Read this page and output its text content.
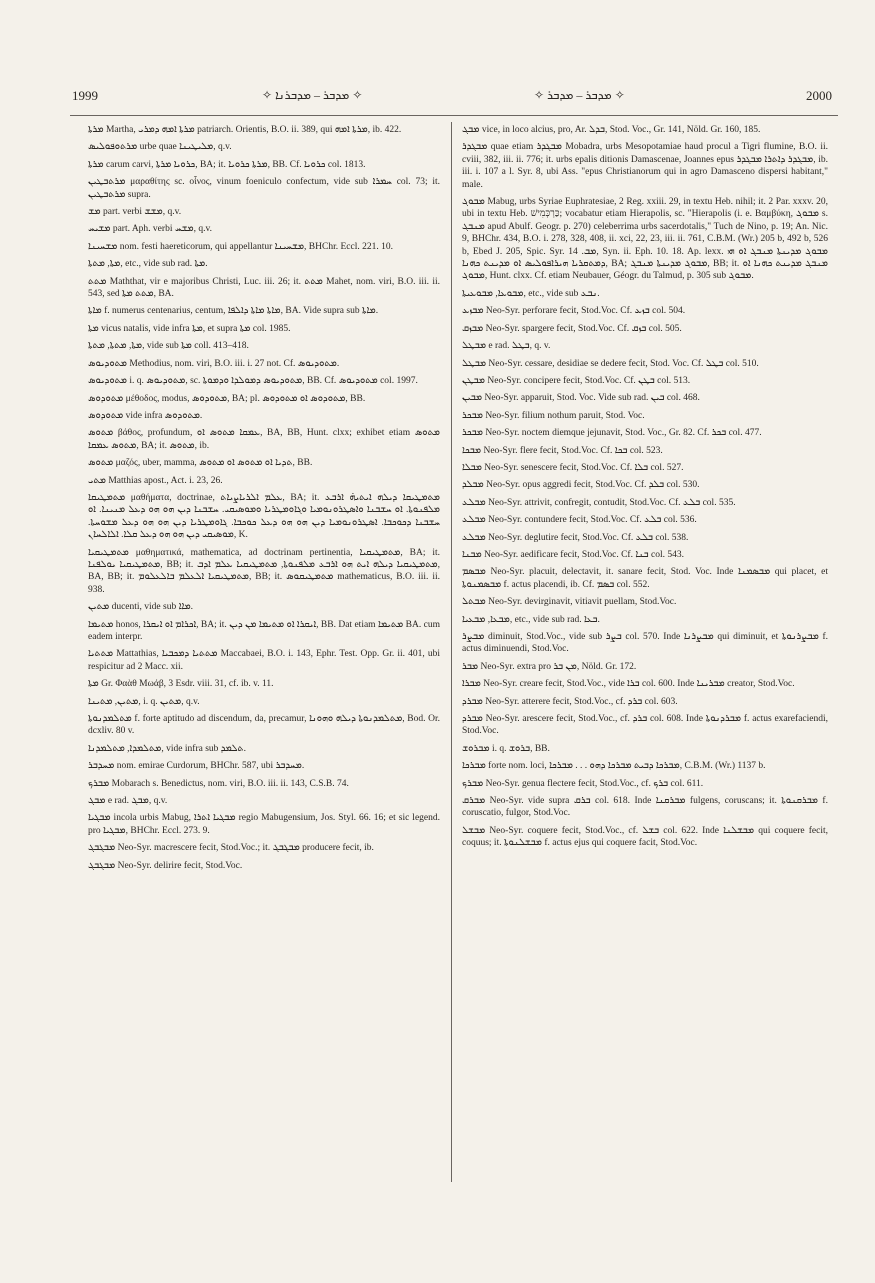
1999	✧ ܡܕܒܪ – ܡܕܒܪܢܐ ✧	✧ ܡܕܒܪ – ܡܕܒܪ ✧	2000

ܡܪܬܐ Martha, ܡܪܬܐ ܐܡܗ ܕܡܪܝ patriarch. Orientis, B.O. ii. 389, qui ܡܪܬܐ ܐܡܗ, ib. 422.

ܡܪܬܘܦܘܠܝܣ urbe quae ܡܠܝܛܝܢܐ, q.v.

ܡܪܬܐ carum carvi, ܟܪܘܝܐ ܡܪܬܐ, BA; it. ܡܪܬܐ ܟܪܘܝܐ, BB. Cf. ܟܪܘܝܐ col. 1813.

ܡܪܬܒܛܝܢ μαραθίτης sc. οἶνος, vinum foeniculo confectum, vide sub ܚܡܪܐ col. 73; it. ܡܪܬܒܛܝܢ supra.

ܡܫ part. verbi ܡܫܫ, q.v.

ܡܫܝܚ part. Aph. verbi ܡܫܚ, q.v.

ܡܫܚܝܢܐ nom. festi haereticorum, qui appellantur ܡܫܚܝܢܐ, BHChr. Eccl. 221. 10.

ܡܬܐ, ܡܬܬܐ, etc., vide sub rad. ܡܬܐ.

ܡܬܬ Maththat, vir e majoribus Christi, Luc. iii. 26; it. ܡܬܬ Mahet, nom. viri, B.O. iii. ii. 543, sed ܡܬܬ ܡܬܐ, BA.

ܡܐܬܐ f. numerus centenarius, centum, ܡܐܬܐ ܡܐܬܐ ܕܐܠܦܐ, BA. Vide supra sub ܡܐܬܐ.

ܡܬܐ vicus natalis, vide infra ܡܬܐ, et supra ܡܬܐ col. 1985.

ܡܬܐ, ܡܬܬܐ, ܡܬܬܐ, vide sub ܡܬܐ coll. 413–418.

ܡܬܘܕܝܘܣ Methodius, nom. viri, B.O. iii. i. 27 not. Cf. ܡܬܘܕܝܘܣ.

ܡܬܘܕܝܘܣ i. q. ܡܬܘܕܝܘܣ, sc. ܡܬܘܕܝܘܣ ܕܡܘܠܕܐ ܘܕܡܘܬܐ, BB. Cf. ܡܬܘܕܝܘܣ col. 1997.

ܡܬܘܕܘܣ μέθοδος, modus, ܡܬܘܕܘܣ, BA; pl. ܡܬܘܕܘܣ ܐܘ ܡܬܘܕܘܣ, BB.

ܡܬܘܕܘܣ vide infra ܡܬܘܕܘܣ.

ܡܬܘܣ βάθος, profundum, ܥܡܩܐ ܡܬܘܣ ܐܘ, BA, BB, Hunt. clxx; exhibet etiam ܡܬܘܣ ܡܬܘܣ ܥܡܩܐ, BA; it. ܡܬܘܣ, ib.

ܡܬܘܣ μαζός, uber, mamma, ܬܕܝܐ ܐܘ ܡܬܘܣ ܐܘ ܡܬܘܣ, BB.

ܡܬܝ Matthias apost., Act. i. 23, 26.

ܡܬܡܛܝܩܐ μαθήματα, doctrinae, ܥܠܡ ܐܠܪܝܐܨܝܐܬ, BA; it. ܡܬܡܛܝܩܐ ܕܝܠܗ ܐܝܬܝܗ̇ ܐܪܒܥ ܡܠܦܢܘܬܐ. ܐܘ ܚܫܒܢܐ ܘܐܣܛܪܘܢܘܡܝܐ ܘܓܐܘܡܛܪܝܐ ܘܡܘܣܝܩܝ. ܚܫܒܢܐ ܕܝܢ ܗܘ ܗܘ ܕܥܠ ܡܢܝܢܐ. ܐܘ ܚܫܒܢܐ ܕܟܘܟܒܐ. ܐܣܛܪܘܢܘܡܝܐ ܕܝܢ ܗܘ ܗܘ ܕܥܠ ܟܘܟܒܐ. ܓܐܘܡܛܪܝܐ ܕܝܢ ܗܘ ܗܘ ܕܥܠ ܡܫܘܚܬܐ. ܡܘܣܝܩܝ ܕܝܢ ܗܘ ܗܘ ܕܥܠ ܩܠܐ. ܐܠܐܠܚܐܢ, K.

ܡܬܡܛܝܩܝܐ μαθηματικά, mathematica, ad doctrinam pertinentia, ܡܬܡܛܝܩܝܐ, BA; it. ܡܬܡܛܝܩܝܐ ܝܘܠܦܢܐ, BB; it. ܡܬܡܛܝܩܝܐ ܕܝܠܗ ܐܝܬ ܗܘ ܐܪܒܥ ܡܠܦܢܘܬܐ, ܡܬܡܛܝܩܝܐ ܥܠܡ ܐܕܒ, BA, BB; it. ܡܬܡܛܝܩܝܐ ܐܠܥܠܡ ܒܐܠܥܠܘܡ, BB; it. ܡܬܡܛܝܩܘܣ mathematicus, B.O. iii. ii. 938.

ܡܬܝܢ ducenti, vide sub ܡܐܐ.

ܡܬܝܡܐ honos, ܐܟܪܐܡ ܐܘ ܐܝܩܪܐ, BA; it. ܐܝܩܪܐ ܐܘ ܡܬܝܡܐ ܡܢ ܕܝܢ, BB. Dat etiam ܡܬܝܡܐ BA. cum eadem interpr.

ܡܬܬܝܐ Mattathias, ܡܬܬܝܐ ܕܡܟܒܝܐ Maccabaei, B.O. i. 143, Ephr. Test. Opp. Gr. ii. 401, ubi respicitur ad 2 Macc. xii.

ܡܬܐ Gr. Φαὰθ Μωάβ, 3 Esdr. viii. 31, cf. ib. v. 11.

ܡܬܝܢ, ܡܬܝܢܐ, i. q. ܡܬܝܢ, q.v.

ܡܬܠܡܕܢܘܬܐ f. forte aptitudo ad discendum, da, precamur, ܡܬܠܡܕܢܘܬܐ ܕܝܠܗ ܘܗܘܢܐ, Bod. Or. dcxliv. 80 v.

ܡܬܠܡܕܐ, ܡܬܠܡܕܢܐ, vide infra sub ܬܠܡܕ.

ܡܚܕܒܪ nom. emirae Curdorum, BHChr. 587, ubi ܡܚܕܒܪ.

ܡܒܪܟ Mobarach s. Benedictus, nom. viri, B.O. iii. ii. 143, C.S.B. 74.

ܡܒܓ e rad. ܡܒܓ, q.v.

ܡܒܓܝܐ incola urbis Mabug, ܡܒܓܝܐ ܐܬܪܐ regio Mabugensium, Jos. Styl. 66. 16; et sic legend. pro ܡܒܓܝܐ, BHChr. Eccl. 273. 9.

ܡܒܓܒܓ Neo-Syr. macrescere fecit, Stod.Voc.; it. ܡܒܓܒܓ producere fecit, ib.

ܡܒܓܒܓ Neo-Syr. delirire fecit, Stod.Voc.

ܡܒܓ vice, in loco alcius, pro, Ar. ܒܕܠ, Stod. Voc., Gr. 141, Nöld. Gr. 160, 185.

ܡܒܓܕܪ quae etiam ܡܒܓܕܪ Mobadra, urbs Mesopotamiae haud procul a Tigri flumine, B.O. ii. cviii, 382, iii. ii. 776; it. urbs epalis ditionis Damascenae, Joannes epus ܡܒܓܕܪ ܕܐܬܪܐ ܡܒܓܕܪ, ib. iii. i. 107 a l. Syr. 8, ubi Ass. "epus Christianorum qui in agro Damasceno dispersi habitant," male.

ܡܒܘܓ Mabug, urbs Syriae Euphratesiae, 2 Reg. xxiii. 29, in textu Heb. nihil; it. 2 Par. xxxv. 20, ubi in textu Heb. כַּרְכְּמִישׁ; vocabatur etiam Hierapolis, sc. "Hierapolis (i. e. Βαμβύκη, ܡܒܘܓ s. ܡܢܒܓ apud Abulf. Geogr. p. 270) celeberrima urbs sacerdotalis," Tuch de Nino, p. 19; An. Nic. 9, BHChr. 434, B.O. i. 278, 328, 408, ii. xci, 22, 23, iii. ii. 761, C.B.M. (Wr.) 205 b, 492 b, 526 b, Ebed J. 205, Spic. Syr. ܡܒ. 14, Syn. ii. Eph. 10. 18. Ap. lexx. ܡܒܘܓ ܡܕܝܢܬܐ ܡܢܒܓ ܐܘ ܗܝ ܕܡܬܩܪܝܐ ܗܝܪܐܦܘܠܝܣ ܐܘ ܡܕܝܢܬ ܟܗܢܐ, BA; ܡܒܘܓ ܡܕܝܢܬܐ ܡܢܒܓ, BB; it. ܡܢܒܓ ܡܕܝܢܬ ܟܗܢܐ ܐܘ ܡܒܘܓ, Hunt. clxx. Cf. etiam Neubauer, Géogr. du Talmud, p. 305 sub ܡܒܘܓ.

ܡܒܘܥܐ, ܡܒܘܥܝܬܐ, etc., vide sub ܢܒܥ.

ܡܒܙܥ Neo-Syr. perforare fecit, Stod.Voc. Cf. ܒܙܥ col. 504.

ܡܒܙܩ Neo-Syr. spargere fecit, Stod.Voc. Cf. ܒܙܩ col. 505.

ܡܒܛܠ e rad. ܒܛܠ, q. v.

ܡܒܛܠ Neo-Syr. cessare, desidiae se dedere fecit, Stod. Voc. Cf. ܒܛܠ col. 510.

ܡܒܛܢ Neo-Syr. concipere fecit, Stod.Voc. Cf. ܒܛܢ col. 513.

ܡܒܝܢ Neo-Syr. apparuit, Stod. Voc. Vide sub rad. ܒܝܢ col. 468.

ܡܒܟܪ Neo-Syr. filium nothum paruit, Stod. Voc.

ܡܒܟܪ Neo-Syr. noctem diemque jejunavit, Stod. Voc., Gr. 82. Cf. ܒܟܪ col. 477.

ܡܒܟܐ Neo-Syr. flere fecit, Stod.Voc. Cf. ܒܟܐ col. 523.

ܡܒܠܐ Neo-Syr. senescere fecit, Stod.Voc. Cf. ܒܠܐ col. 527.

ܡܒܠܕ Neo-Syr. opus aggredi fecit, Stod.Voc. Cf. ܒܠܕ col. 530.

ܡܒܠܥ Neo-Syr. attrivit, confregit, contudit, Stod.Voc. Cf. ܒܠܥ col. 535.

ܡܒܠܥ Neo-Syr. contundere fecit, Stod.Voc. Cf. ܒܠܥ col. 536.

ܡܒܠܥ Neo-Syr. deglutire fecit, Stod.Voc. Cf. ܒܠܥ col. 538.

ܡܒܢܐ Neo-Syr. aedificare fecit, Stod.Voc. Cf. ܒܢܐ col. 543.

ܡܒܣܡ Neo-Syr. placuit, delectavit, it. sanare fecit, Stod. Voc. Inde ܡܒܣܡܢܐ qui placet, et ܡܒܣܡܢܘܬܐ f. actus placendi, ib. Cf. ܒܣܡ col. 552.

ܡܒܬܠ Neo-Syr. devirginavit, vitiavit puellam, Stod.Voc.

ܡܒܥܐ, ܡܒܥܝܐ, etc., vide sub rad. ܒܥܐ.

ܡܒܨܪ diminuit, Stod.Voc., vide sub ܒܨܪ col. 570. Inde ܡܒܨܪܢܐ qui diminuit, et ܡܒܨܪܢܘܬܐ f. actus diminuendi, Stod.Voc.

ܡܒܪ Neo-Syr. extra pro ܡܢ ܒܪ, Nöld. Gr. 172.

ܡܒܪܐ Neo-Syr. creare fecit, Stod.Voc., vide ܒܪܐ col. 600. Inde ܡܒܪܝܢܐ creator, Stod.Voc.

ܡܒܪܕ Neo-Syr. atterere fecit, Stod.Voc., cf. ܒܪܕ col. 603.

ܡܒܪܕ Neo-Syr. arescere fecit, Stod.Voc., cf. ܒܪܕ col. 608. Inde ܡܒܪܕܢܘܬܐ f. actus exarefaciendi, Stod.Voc.

ܡܒܪܘܫ i. q. ܒܪܘܫ, BB.

ܡܒܪܟܐ forte nom. loci, ܡܒܪܟܐ ܕܒܝܬ ܡܒܪܟܐ ܕܗܘ . . . ܡܒܪܟܐ, C.B.M. (Wr.) 1137 b.

ܡܒܪܟ Neo-Syr. genua flectere fecit, Stod.Voc., cf. ܒܪܟ col. 611.

ܡܒܪܩ Neo-Syr. vide supra ܒܪܩ col. 618. Inde ܡܒܪܩܢܐ fulgens, coruscans; it. ܡܒܪܩܢܘܬܐ f. coruscatio, fulgor, Stod.Voc.

ܡܒܫܠ Neo-Syr. coquere fecit, Stod.Voc., cf. ܒܫܠ col. 622. Inde ܡܒܫܠܢܐ qui coquere fecit, coquus; it. ܡܒܫܠܢܘܬܐ f. actus ejus qui coquere facit, Stod.Voc.
